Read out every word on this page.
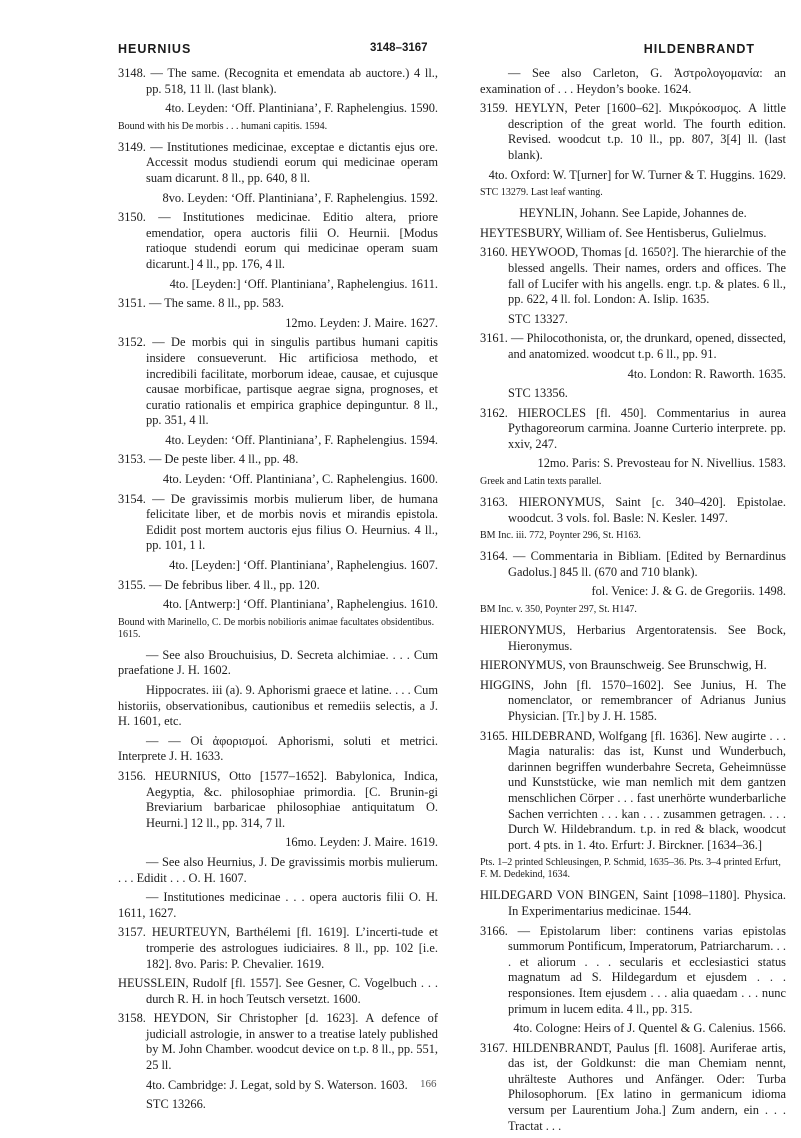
HEURNIUS	3148–3167	HILDENBRANDT
3148. — The same. (Recognita et emendata ab auctore.) 4 ll., pp. 518, 11 ll. (last blank).
4to. Leyden: ‘Off. Plantiniana’, F. Raphelengius. 1590.
Bound with his De morbis . . . humani capitis. 1594.
3149. — Institutiones medicinae, exceptae e dictantis ejus ore. Accessit modus studiendi eorum qui medicinae operam suam dicarunt. 8 ll., pp. 640, 8 ll.
8vo. Leyden: ‘Off. Plantiniana’, F. Raphelengius. 1592.
3150. — Institutiones medicinae. Editio altera, priore emendatior, opera auctoris filii O. Heurnii. [Modus ratioque studendi eorum qui medicinae operam suam dicarunt.] 4 ll., pp. 176, 4 ll.
4to. [Leyden:] ‘Off. Plantiniana’, Raphelengius. 1611.
3151. — The same. 8 ll., pp. 583.
12mo. Leyden: J. Maire. 1627.
3152. — De morbis qui in singulis partibus humani capitis insidere consueverunt. Hic artificiosa methodo, et incredibili facilitate, morborum ideae, causae, et cujusque causae morbificae, partisque aegrae signa, prognoses, et curatio rationalis et empirica graphice depinguntur. 8 ll., pp. 351, 4 ll.
4to. Leyden: ‘Off. Plantiniana’, F. Raphelengius. 1594.
3153. — De peste liber. 4 ll., pp. 48.
4to. Leyden: ‘Off. Plantiniana’, C. Raphelengius. 1600.
3154. — De gravissimis morbis mulierum liber, de humana felicitate liber, et de morbis novis et mirandis epistola. Edidit post mortem auctoris ejus filius O. Heurnius. 4 ll., pp. 101, 1 l.
4to. [Leyden:] ‘Off. Plantiniana’, Raphelengius. 1607.
3155. — De febribus liber. 4 ll., pp. 120.
4to. [Antwerp:] ‘Off. Plantiniana’, Raphelengius. 1610.
Bound with Marinello, C. De morbis nobilioris animae facultates obsidentibus. 1615.
— See also Brouchuisius, D. Secreta alchimiae. . . . Cum praefatione J. H. 1602.
Hippocrates. iii (a). 9. Aphorismi graece et latine. . . . Cum historiis, observationibus, cautionibus et remediis selectis, a J. H. 1601, etc.
— — Οἱ ἀφορισμοί. Aphorismi, soluti et metrici. Interprete J. H. 1633.
3156. HEURNIUS, Otto [1577–1652]. Babylonica, Indica, Aegyptia, &c. philosophiae primordia. [C. Brunin-gi Breviarium barbaricae philosophiae antiquitatum O. Heurni.] 12 ll., pp. 314, 7 ll.
16mo. Leyden: J. Maire. 1619.
— See also Heurnius, J. De gravissimis morbis mulierum. . . . Edidit . . . O. H. 1607.
— Institutiones medicinae . . . opera auctoris filii O. H. 1611, 1627.
3157. HEURTEUYN, Barthélemi [fl. 1619]. L’incerti-tude et tromperie des astrologues iudiciaires. 8 ll., pp. 102 [i.e. 182]. 8vo. Paris: P. Chevalier. 1619.
HEUSSLEIN, Rudolf [fl. 1557]. See Gesner, C. Vogelbuch . . . durch R. H. in hoch Teutsch versetzt. 1600.
3158. HEYDON, Sir Christopher [d. 1623]. A defence of judiciall astrologie, in answer to a treatise lately published by M. John Chamber. woodcut device on t.p. 8 ll., pp. 551, 25 ll.
4to. Cambridge: J. Legat, sold by S. Waterson. 1603.
STC 13266.
— See also Carleton, G. Ἀστρολογομανία: an examination of . . . Heydon’s booke. 1624.
3159. HEYLYN, Peter [1600–62]. Μικρόκοσμος. A little description of the great world. The fourth edition. Revised. woodcut t.p. 10 ll., pp. 807, 3[4] ll. (last blank).
4to. Oxford: W. T[urner] for W. Turner & T. Huggins. 1629.
STC 13279. Last leaf wanting.
HEYNLIN, Johann. See Lapide, Johannes de.
HEYTESBURY, William of. See Hentisberus, Gulielmus.
3160. HEYWOOD, Thomas [d. 1650?]. The hierarchie of the blessed angells. Their names, orders and offices. The fall of Lucifer with his angells. engr. t.p. & plates. 6 ll., pp. 622, 4 ll. fol. London: A. Islip. 1635.
STC 13327.
3161. — Philocothonista, or, the drunkard, opened, dissected, and anatomized. woodcut t.p. 6 ll., pp. 91.
4to. London: R. Raworth. 1635.
STC 13356.
3162. HIEROCLES [fl. 450]. Commentarius in aurea Pythagoreorum carmina. Joanne Curterio interprete. pp. xxiv, 247.
12mo. Paris: S. Prevosteau for N. Nivellius. 1583.
Greek and Latin texts parallel.
3163. HIERONYMUS, Saint [c. 340–420]. Epistolae. woodcut. 3 vols. fol. Basle: N. Kesler. 1497.
BM Inc. iii. 772, Poynter 296, St. H163.
3164. — Commentaria in Bibliam. [Edited by Bernardinus Gadolus.] 845 ll. (670 and 710 blank).
fol. Venice: J. & G. de Gregoriis. 1498.
BM Inc. v. 350, Poynter 297, St. H147.
HIERONYMUS, Herbarius Argentoratensis. See Bock, Hieronymus.
HIERONYMUS, von Braunschweig. See Brunschwig, H.
HIGGINS, John [fl. 1570–1602]. See Junius, H. The nomenclator, or remembrancer of Adrianus Junius Physician. [Tr.] by J. H. 1585.
3165. HILDEBRAND, Wolfgang [fl. 1636]. New augirte . . . Magia naturalis: das ist, Kunst und Wunderbuch, darinnen begriffen wunderbahre Secreta, Geheimnüsse und Kunststücke, wie man nemlich mit dem gantzen menschlichen Cörper . . . fast unerhörte wunderbarliche Sachen verrichten . . . kan . . . zusammen getragen. . . . Durch W. Hildebrandum. t.p. in red & black, woodcut port. 4 pts. in 1. 4to. Erfurt: J. Birckner. [1634–36.]
Pts. 1–2 printed Schleusingen, P. Schmid, 1635–36. Pts. 3–4 printed Erfurt, F. M. Dedekind, 1634.
HILDEGARD VON BINGEN, Saint [1098–1180]. Physica. In Experimentarius medicinae. 1544.
3166. — Epistolarum liber: continens varias epistolas summorum Pontificum, Imperatorum, Patriarcharum. . . . et aliorum . . . secularis et ecclesiastici status magnatum ad S. Hildegardum et ejusdem . . . responsiones. Item ejusdem . . . alia quaedam . . . nunc primum in lucem edita. 4 ll., pp. 315.
4to. Cologne: Heirs of J. Quentel & G. Calenius. 1566.
3167. HILDENBRANDT, Paulus [fl. 1608]. Auriferae artis, das ist, der Goldkunst: die man Chemiam nennt, uhrälteste Authores und Anfänger. Oder: Turba Philosophorum. [Ex latino in germanicum idioma versum per Laurentium Joha.] Zum andern, ein . . . Tractat . . .
166
